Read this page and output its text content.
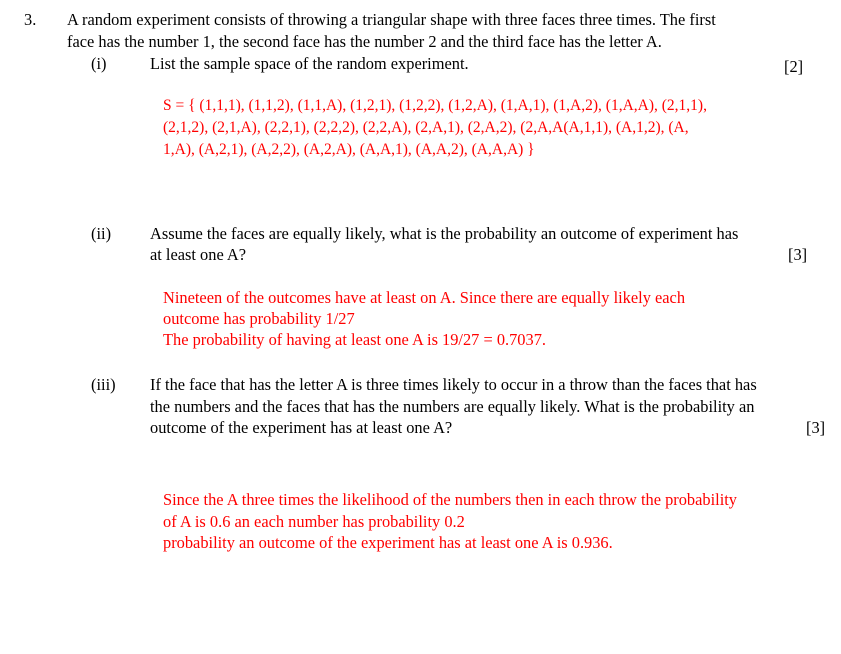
3. A random experiment consists of throwing a triangular shape with three faces three times. The first
face has the number 1, the second face has the number 2 and the third face has the letter A.
(i)	List the sample space of the random experiment.	[2]
S = { (1,1,1), (1,1,2), (1,1,A), (1,2,1), (1,2,2), (1,2,A), (1,A,1), (1,A,2), (1,A,A), (2,1,1),
(2,1,2), (2,1,A), (2,2,1), (2,2,2), (2,2,A), (2,A,1), (2,A,2), (2,A,A(A,1,1), (A,1,2), (A,
1,A), (A,2,1), (A,2,2), (A,2,A), (A,A,1), (A,A,2), (A,A,A) }
(ii) Assume the faces are equally likely, what is the probability an outcome of experiment has
at least one A?	[3]
Nineteen of the outcomes have at least on A. Since there are equally likely each
outcome has probability 1/27
The probability of having at least one A is 19/27 = 0.7037.
(iii) If the face that has the letter A is three times likely to occur in a throw than the faces that has
the numbers and the faces that has the numbers are equally likely. What is the probability an
outcome of the experiment has at least one A?	[3]
Since the A three times the likelihood of the numbers then in each throw the probability
of A is 0.6 an each number has probability 0.2
probability an outcome of the experiment has at least one A is 0.936.
